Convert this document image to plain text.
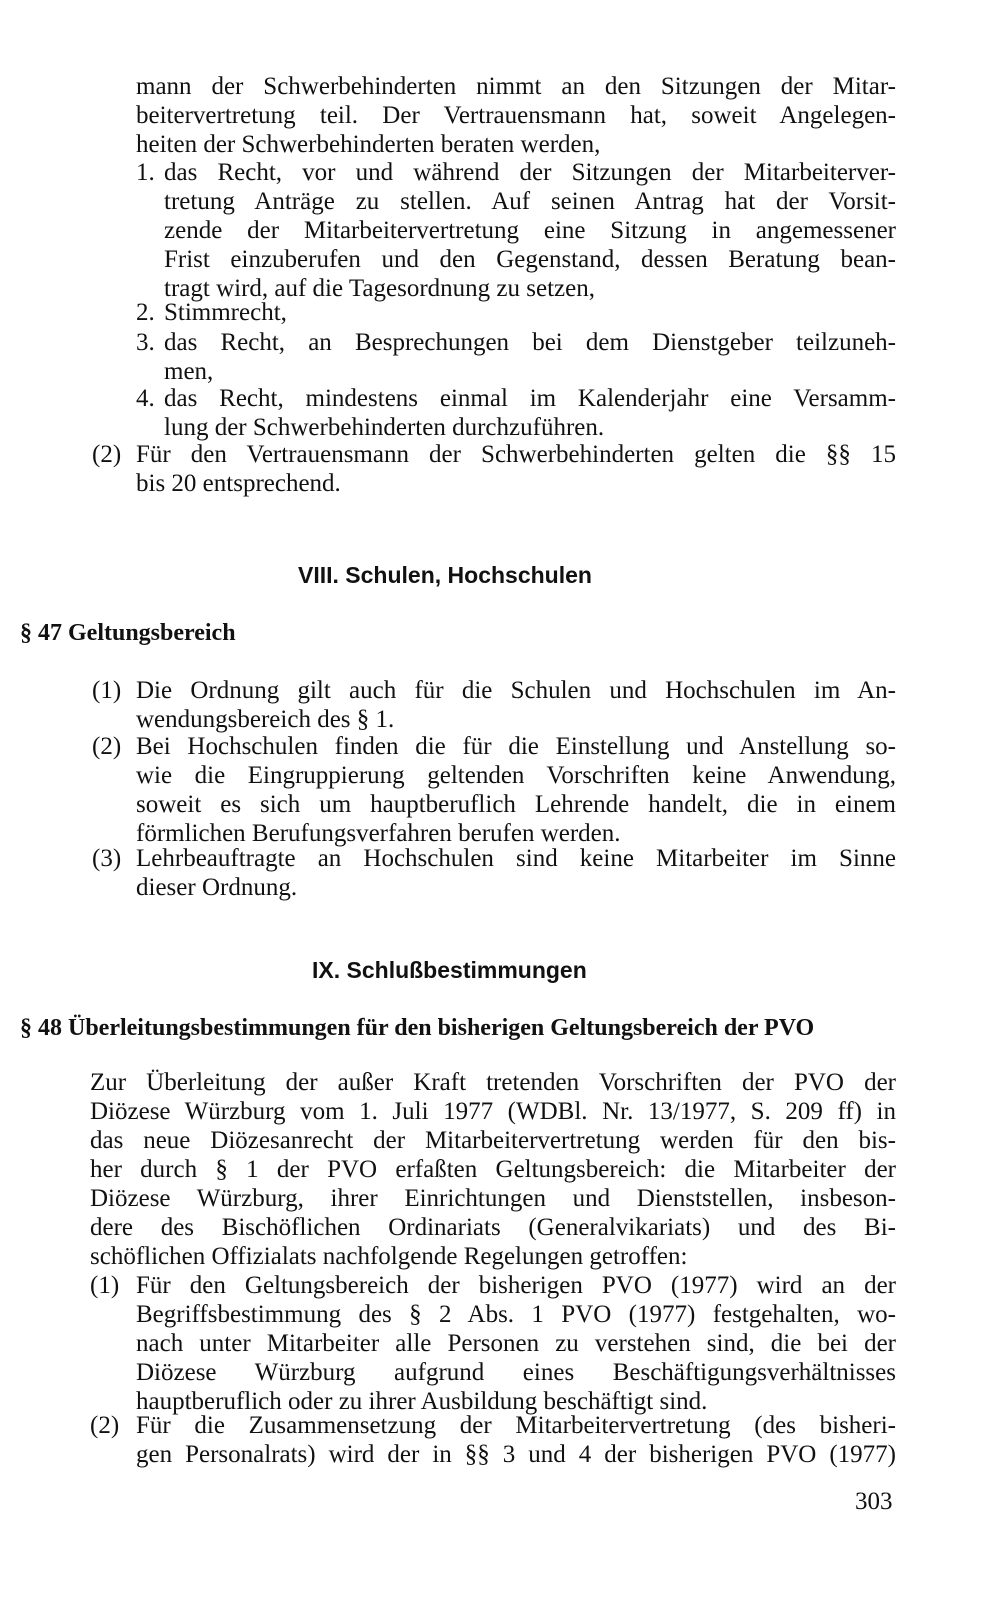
mann der Schwerbehinderten nimmt an den Sitzungen der Mitar-
beitervertretung teil. Der Vertrauensmann hat, soweit Angelegen-
heiten der Schwerbehinderten beraten werden,
1. das Recht, vor und während der Sitzungen der Mitarbeiterver-
tretung Anträge zu stellen. Auf seinen Antrag hat der Vorsit-
zende der Mitarbeitervertretung eine Sitzung in angemessener
Frist einzuberufen und den Gegenstand, dessen Beratung bean-
tragt wird, auf die Tagesordnung zu setzen,
2. Stimmrecht,
3. das Recht, an Besprechungen bei dem Dienstgeber teilzuneh-
men,
4. das Recht, mindestens einmal im Kalenderjahr eine Versamm-
lung der Schwerbehinderten durchzuführen.
(2) Für den Vertrauensmann der Schwerbehinderten gelten die §§ 15
bis 20 entsprechend.
VIII. Schulen, Hochschulen
§ 47 Geltungsbereich
(1) Die Ordnung gilt auch für die Schulen und Hochschulen im An-
wendungsbereich des § 1.
(2) Bei Hochschulen finden die für die Einstellung und Anstellung so-
wie die Eingruppierung geltenden Vorschriften keine Anwendung,
soweit es sich um hauptberuflich Lehrende handelt, die in einem
förmlichen Berufungsverfahren berufen werden.
(3) Lehrbeauftragte an Hochschulen sind keine Mitarbeiter im Sinne
dieser Ordnung.
IX. Schlußbestimmungen
§ 48 Überleitungsbestimmungen für den bisherigen Geltungsbereich der PVO
Zur Überleitung der außer Kraft tretenden Vorschriften der PVO der
Diözese Würzburg vom 1. Juli 1977 (WDBl. Nr. 13/1977, S. 209 ff) in
das neue Diözesanrecht der Mitarbeitervertretung werden für den bis-
her durch § 1 der PVO erfaßten Geltungsbereich: die Mitarbeiter der
Diözese Würzburg, ihrer Einrichtungen und Dienststellen, insbeson-
dere des Bischöflichen Ordinariats (Generalvikariats) und des Bi-
schöflichen Offizialats nachfolgende Regelungen getroffen:
(1) Für den Geltungsbereich der bisherigen PVO (1977) wird an der
Begriffsbestimmung des § 2 Abs. 1 PVO (1977) festgehalten, wo-
nach unter Mitarbeiter alle Personen zu verstehen sind, die bei der
Diözese Würzburg aufgrund eines Beschäftigungsverhältnisses
hauptberuflich oder zu ihrer Ausbildung beschäftigt sind.
(2) Für die Zusammensetzung der Mitarbeitervertretung (des bisheri-
gen Personalrats) wird der in §§ 3 und 4 der bisherigen PVO (1977)
303
